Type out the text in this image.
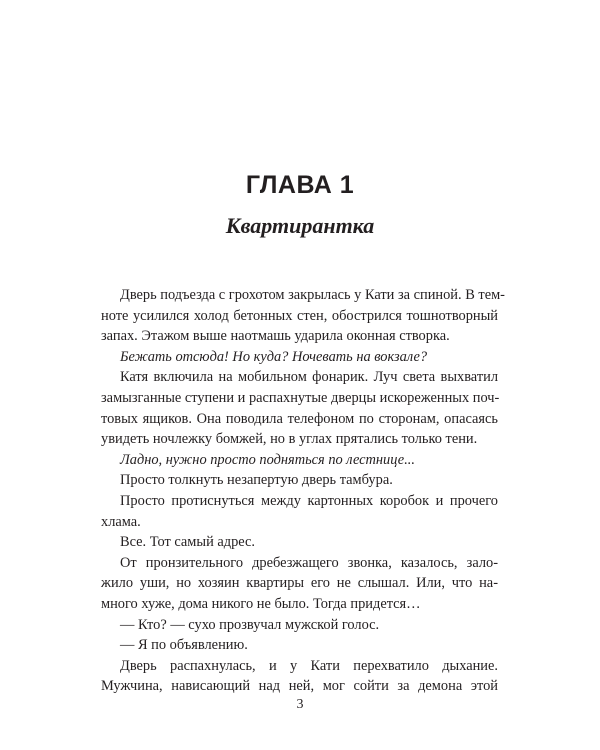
ГЛАВА 1
Квартирантка
Дверь подъезда с грохотом закрылась у Кати за спиной. В тем-
ноте усилился холод бетонных стен, обострился тошнотворный
запах. Этажом выше наотмашь ударила оконная створка.
Бежать отсюда! Но куда? Ночевать на вокзале?
Катя включила на мобильном фонарик. Луч света выхватил
замызганные ступени и распахнутые дверцы искореженных поч-
товых ящиков. Она поводила телефоном по сторонам, опасаясь
увидеть ночлежку бомжей, но в углах прятались только тени.
Ладно, нужно просто подняться по лестнице...
Просто толкнуть незапертую дверь тамбура.
Просто протиснуться между картонных коробок и прочего
хлама.
Все. Тот самый адрес.
От пронзительного дребезжащего звонка, казалось, зало-
жило уши, но хозяин квартиры его не слышал. Или, что на-
много хуже, дома никого не было. Тогда придется…
— Кто? — сухо прозвучал мужской голос.
— Я по объявлению.
Дверь распахнулась, и у Кати перехватило дыхание.
Мужчина, нависающий над ней, мог сойти за демона этой
3
